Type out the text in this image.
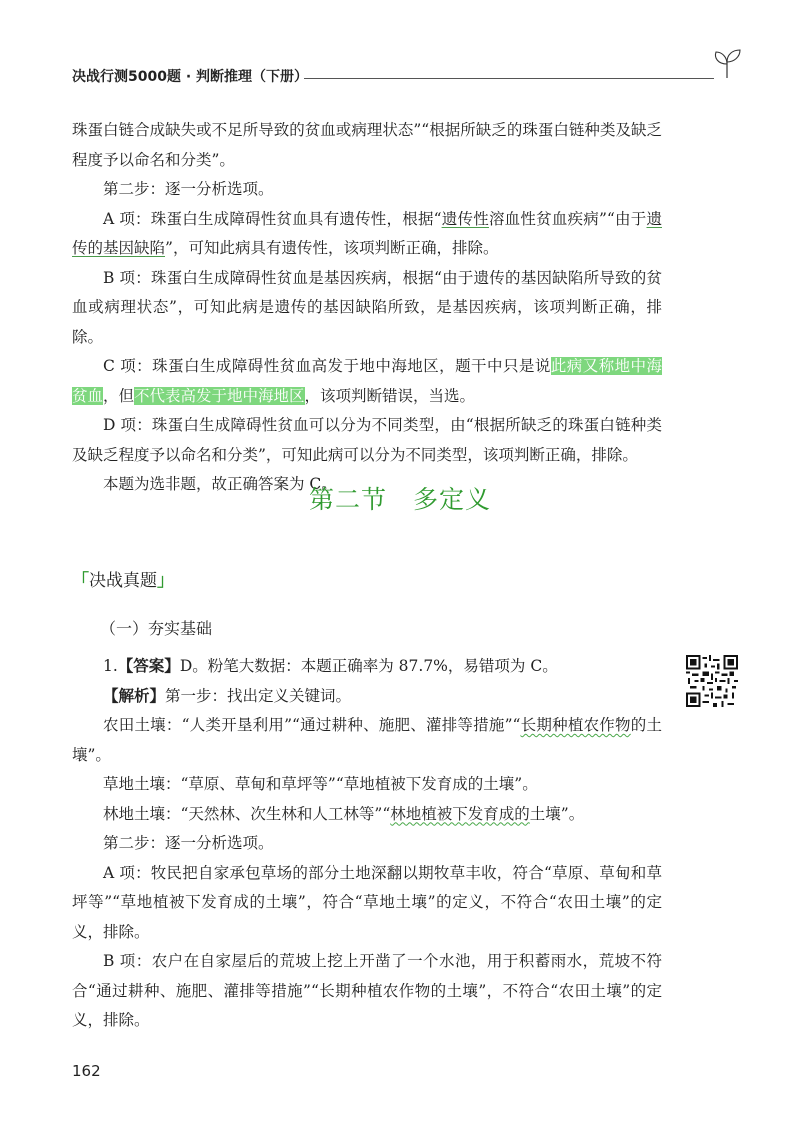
决战行测5000题 · 判断推理（下册）

珠蛋白链合成缺失或不足所导致的贫血或病理状态”“根据所缺乏的珠蛋白链种类及缺乏程度予以命名和分类”。

第二步：逐一分析选项。

A 项：珠蛋白生成障碍性贫血具有遗传性，根据“遗传性溶血性贫血疾病”“由于遗传的基因缺陷”，可知此病具有遗传性，该项判断正确，排除。

B 项：珠蛋白生成障碍性贫血是基因疾病，根据“由于遗传的基因缺陷所导致的贫血或病理状态”，可知此病是遗传的基因缺陷所致，是基因疾病，该项判断正确，排除。

C 项：珠蛋白生成障碍性贫血高发于地中海地区，题干中只是说此病又称地中海贫血，但不代表高发于地中海地区，该项判断错误，当选。

D 项：珠蛋白生成障碍性贫血可以分为不同类型，由“根据所缺乏的珠蛋白链种类及缺乏程度予以命名和分类”，可知此病可以分为不同类型，该项判断正确，排除。

本题为选非题，故正确答案为 C。

第二节　多定义
「决战真题」
（一）夯实基础

1.【答案】D。粉笔大数据：本题正确率为 87.7%，易错项为 C。

【解析】第一步：找出定义关键词。

农田土壤：“人类开垦利用”“通过耕种、施肥、灌排等措施”“长期种植农作物的土壤”。

草地土壤：“草原、草甸和草坪等”“草地植被下发育成的土壤”。

林地土壤：“天然林、次生林和人工林等”“林地植被下发育成的土壤”。

第二步：逐一分析选项。

A 项：牧民把自家承包草场的部分土地深翻以期牧草丰收，符合“草原、草甸和草坪等”“草地植被下发育成的土壤”，符合“草地土壤”的定义，不符合“农田土壤”的定义，排除。

B 项：农户在自家屋后的荒坡上挖上开凿了一个水池，用于积蓄雨水，荒坡不符合“通过耕种、施肥、灌排等措施”“长期种植农作物的土壤”，不符合“农田土壤”的定义，排除。

162
